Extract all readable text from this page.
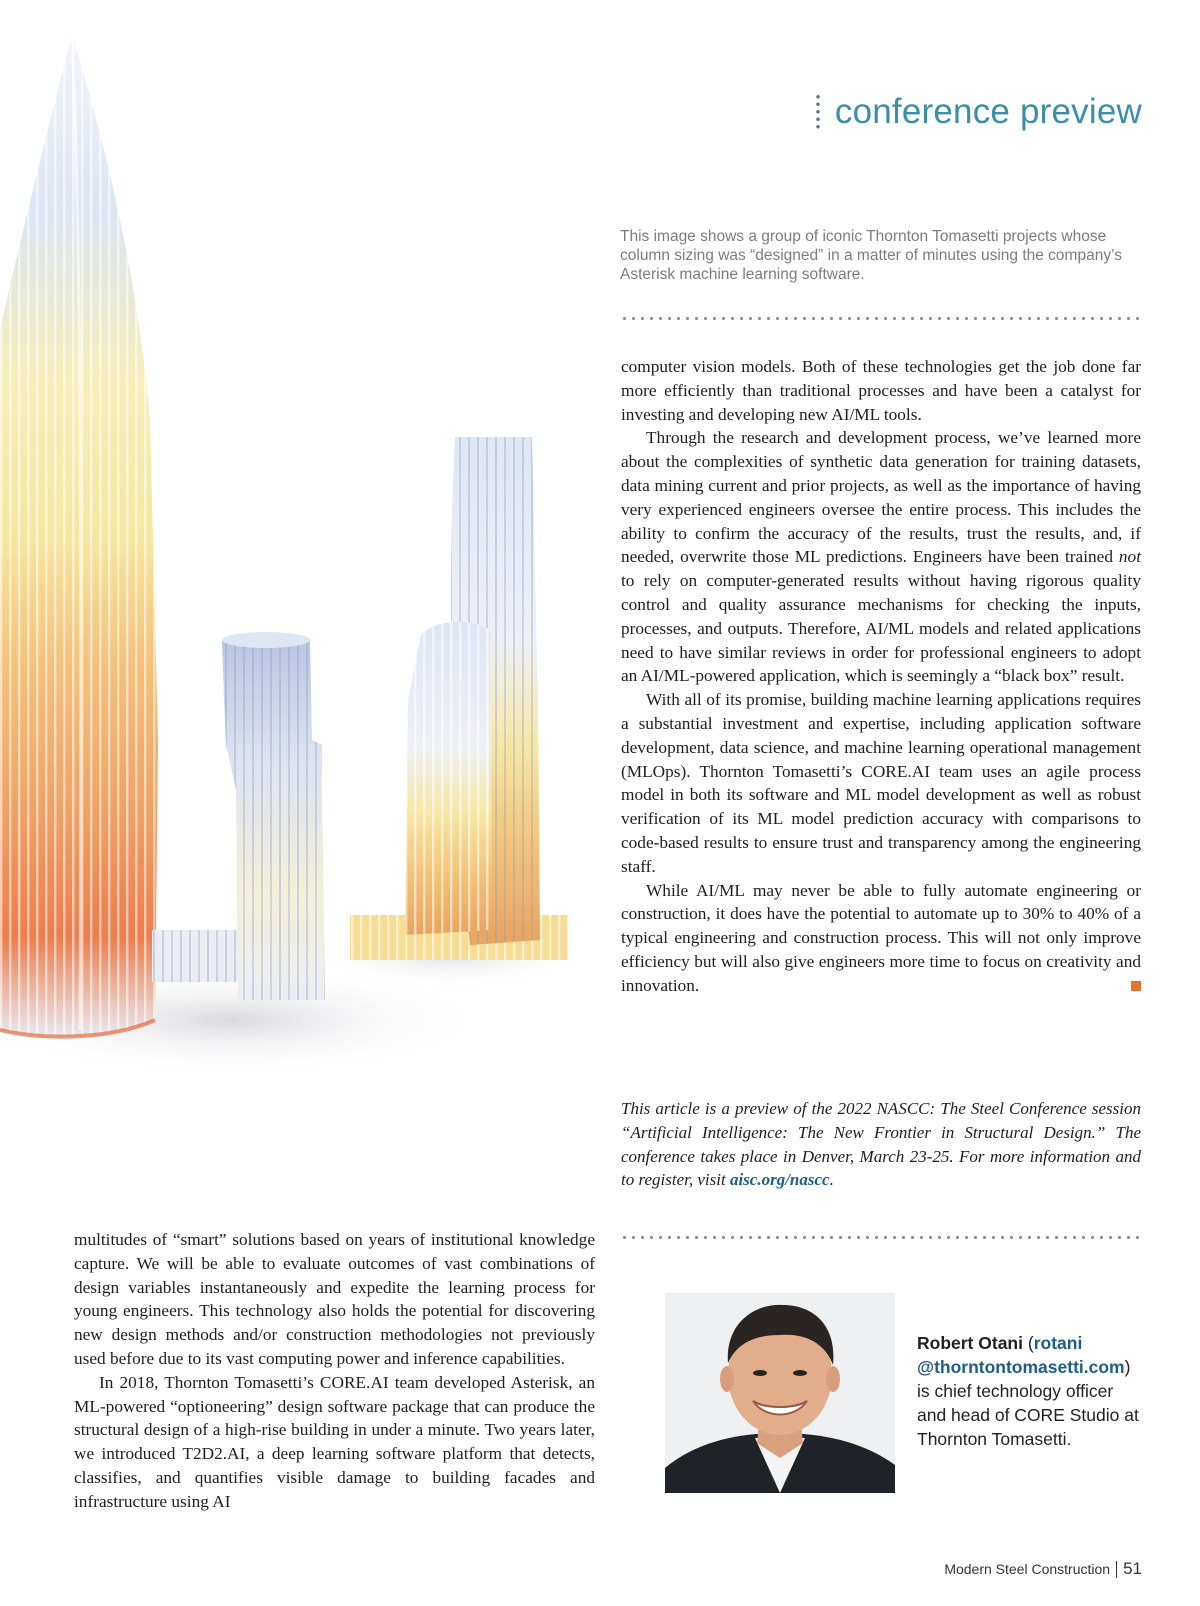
conference preview
This image shows a group of iconic Thornton Tomasetti projects whose column sizing was “designed” in a matter of minutes using the company’s Asterisk machine learning software.

computer vision models. Both of these technologies get the job done far more efficiently than traditional processes and have been a catalyst for investing and developing new AI/ML tools.

Through the research and development process, we’ve learned more about the complexities of synthetic data generation for training datasets, data mining current and prior projects, as well as the importance of having very experienced engineers oversee the entire process. This includes the ability to confirm the accuracy of the results, trust the results, and, if needed, overwrite those ML predictions. Engineers have been trained not to rely on computer-generated results without having rigorous quality control and quality assurance mechanisms for checking the inputs, processes, and outputs. Therefore, AI/ML models and related applications need to have similar reviews in order for professional engineers to adopt an AI/ML-powered application, which is seemingly a “black box” result.

With all of its promise, building machine learning applications requires a substantial investment and expertise, including application software development, data science, and machine learning operational management (MLOps). Thornton Tomasetti’s CORE.AI team uses an agile process model in both its software and ML model development as well as robust verification of its ML model prediction accuracy with comparisons to code-based results to ensure trust and transparency among the engineering staff.

While AI/ML may never be able to fully automate engineering or construction, it does have the potential to automate up to 30% to 40% of a typical engineering and construction process. This will not only improve efficiency but will also give engineers more time to focus on creativity and innovation.

This article is a preview of the 2022 NASCC: The Steel Conference session “Artificial Intelligence: The New Frontier in Structural Design.” The conference takes place in Denver, March 23-25. For more information and to register, visit aisc.org/nascc.

multitudes of “smart” solutions based on years of institutional knowledge capture. We will be able to evaluate outcomes of vast combinations of design variables instantaneously and expedite the learning process for young engineers. This technology also holds the potential for discovering new design methods and/or construction methodologies not previously used before due to its vast computing power and inference capabilities.

In 2018, Thornton Tomasetti’s CORE.AI team developed Asterisk, an ML-powered “optioneering” design software package that can produce the structural design of a high-rise building in under a minute. Two years later, we introduced T2D2.AI, a deep learning software platform that detects, classifies, and quantifies visible damage to building facades and infrastructure using AI

Robert Otani (rotani
@thorntontomasetti.com) is chief technology officer and head of CORE Studio at Thornton Tomasetti.
Modern Steel Construction 51
